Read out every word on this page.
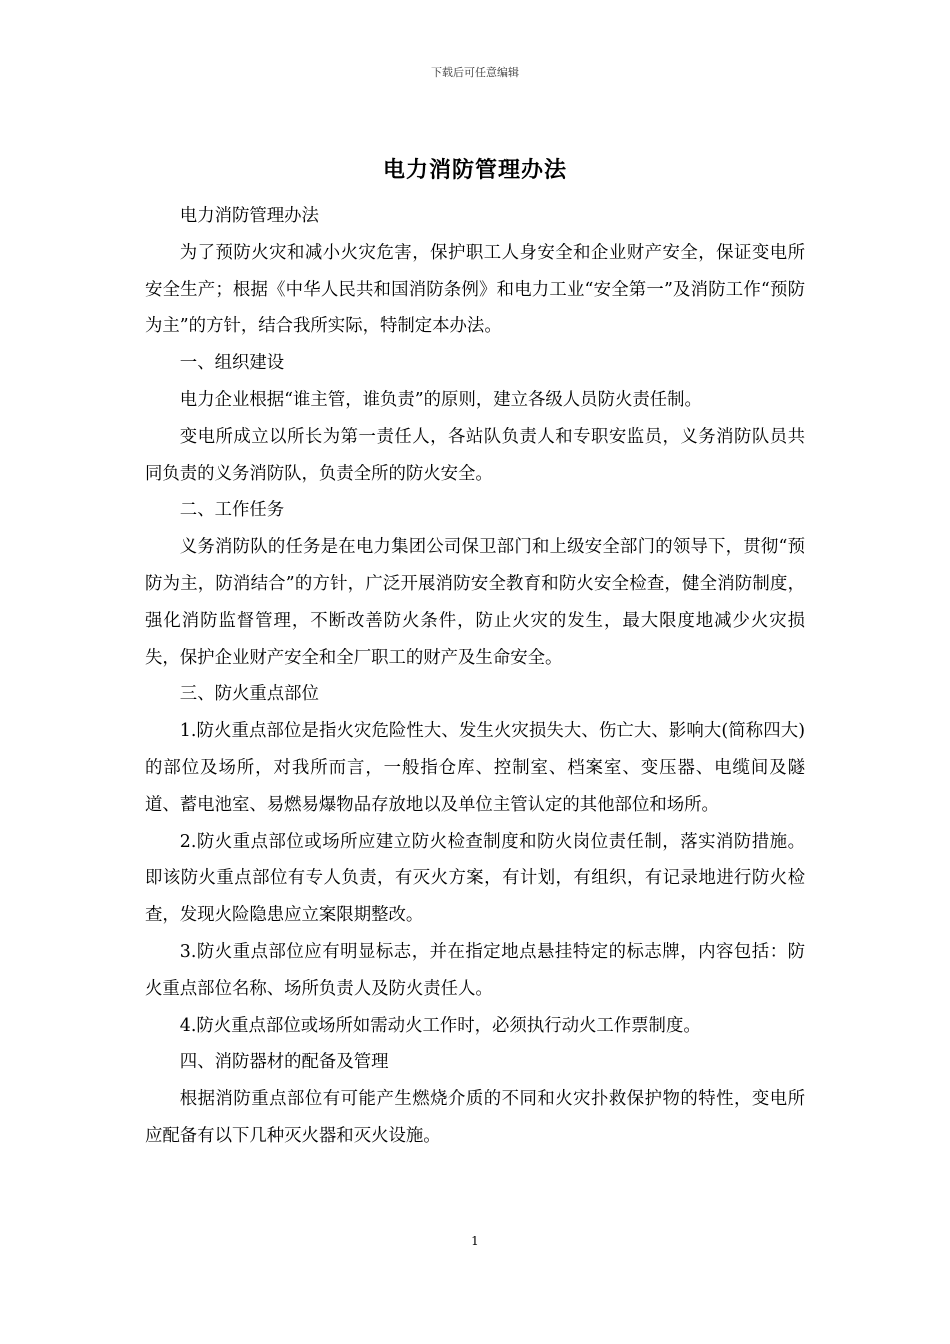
下载后可任意编辑
电力消防管理办法

电力消防管理办法

为了预防火灾和减小火灾危害，保护职工人身安全和企业财产安全，保证变电所安全生产；根据《中华人民共和国消防条例》和电力工业“安全第一”及消防工作“预防为主”的方针，结合我所实际，特制定本办法。

一、组织建设

电力企业根据“谁主管，谁负责”的原则，建立各级人员防火责任制。

变电所成立以所长为第一责任人，各站队负责人和专职安监员，义务消防队员共同负责的义务消防队，负责全所的防火安全。

二、工作任务

义务消防队的任务是在电力集团公司保卫部门和上级安全部门的领导下，贯彻“预防为主，防消结合”的方针，广泛开展消防安全教育和防火安全检查，健全消防制度，强化消防监督管理，不断改善防火条件，防止火灾的发生，最大限度地减少火灾损失，保护企业财产安全和全厂职工的财产及生命安全。

三、防火重点部位

1.防火重点部位是指火灾危险性大、发生火灾损失大、伤亡大、影响大(简称四大)的部位及场所，对我所而言，一般指仓库、控制室、档案室、变压器、电缆间及隧道、蓄电池室、易燃易爆物品存放地以及单位主管认定的其他部位和场所。

2.防火重点部位或场所应建立防火检查制度和防火岗位责任制，落实消防措施。即该防火重点部位有专人负责，有灭火方案，有计划，有组织，有记录地进行防火检查，发现火险隐患应立案限期整改。

3.防火重点部位应有明显标志，并在指定地点悬挂特定的标志牌，内容包括：防火重点部位名称、场所负责人及防火责任人。

4.防火重点部位或场所如需动火工作时，必须执行动火工作票制度。

四、消防器材的配备及管理

根据消防重点部位有可能产生燃烧介质的不同和火灾扑救保护物的特性，变电所应配备有以下几种灭火器和灭火设施。

1
